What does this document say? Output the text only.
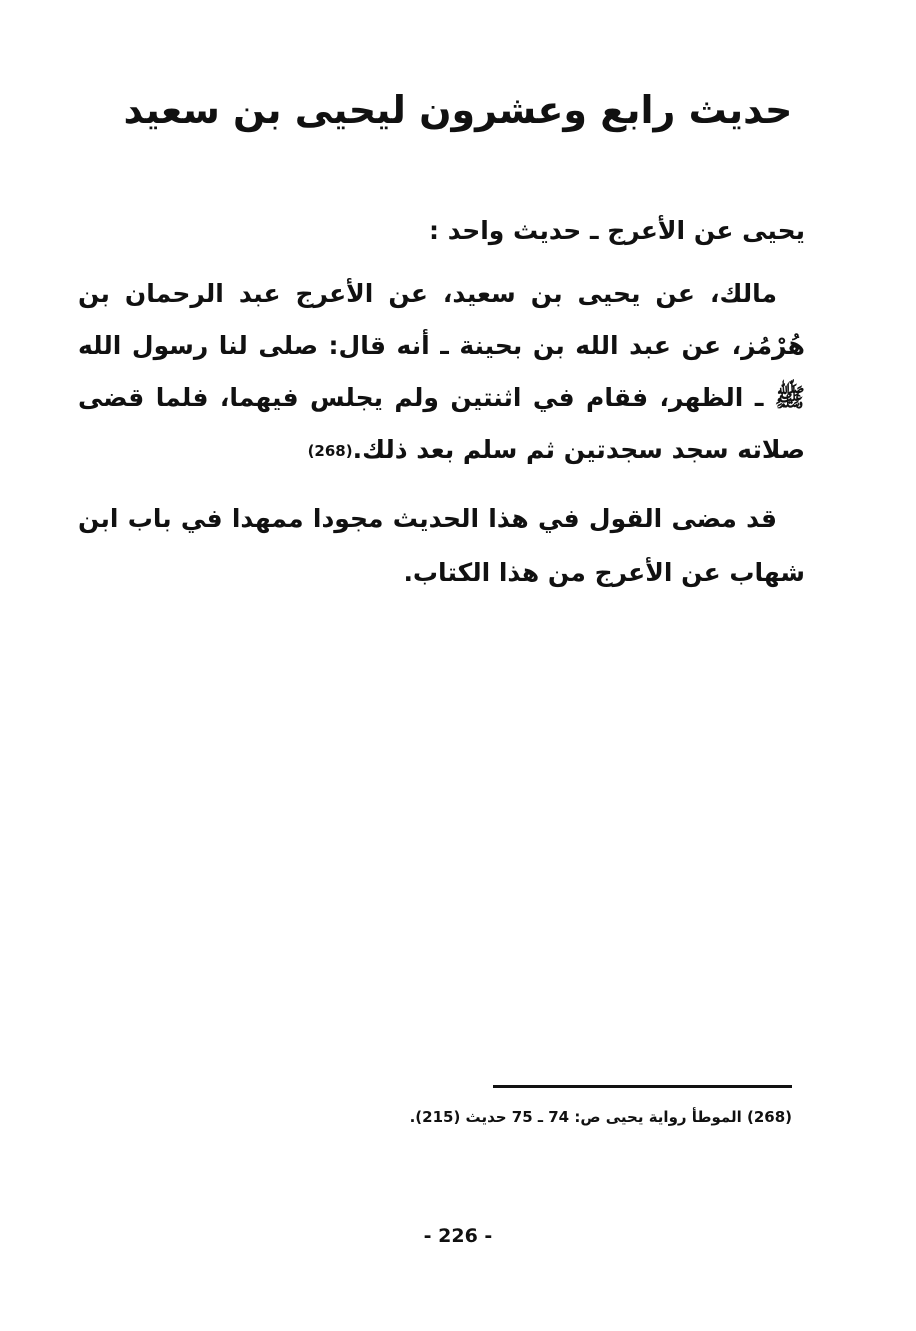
حديث رابع وعشرون ليحيى بن سعيد
يحيى عن الأعرج ـ حديث واحد :
مالك، عن يحيى بن سعيد، عن الأعرج عبد الرحمان بن هُرْمُز، عن عبد الله بن بحينة ـ أنه قال: صلى لنا رسول الله ﷺ ـ الظهر، فقام في اثنتين ولم يجلس فيهما، فلما قضى صلاته سجد سجدتين ثم سلم بعد ذلك.(268)
قد مضى القول في هذا الحديث مجودا ممهدا في باب ابن شهاب عن الأعرج من هذا الكتاب.
(268) الموطأ رواية يحيى ص: 74 ـ 75 حديث (215).
- 226 -
